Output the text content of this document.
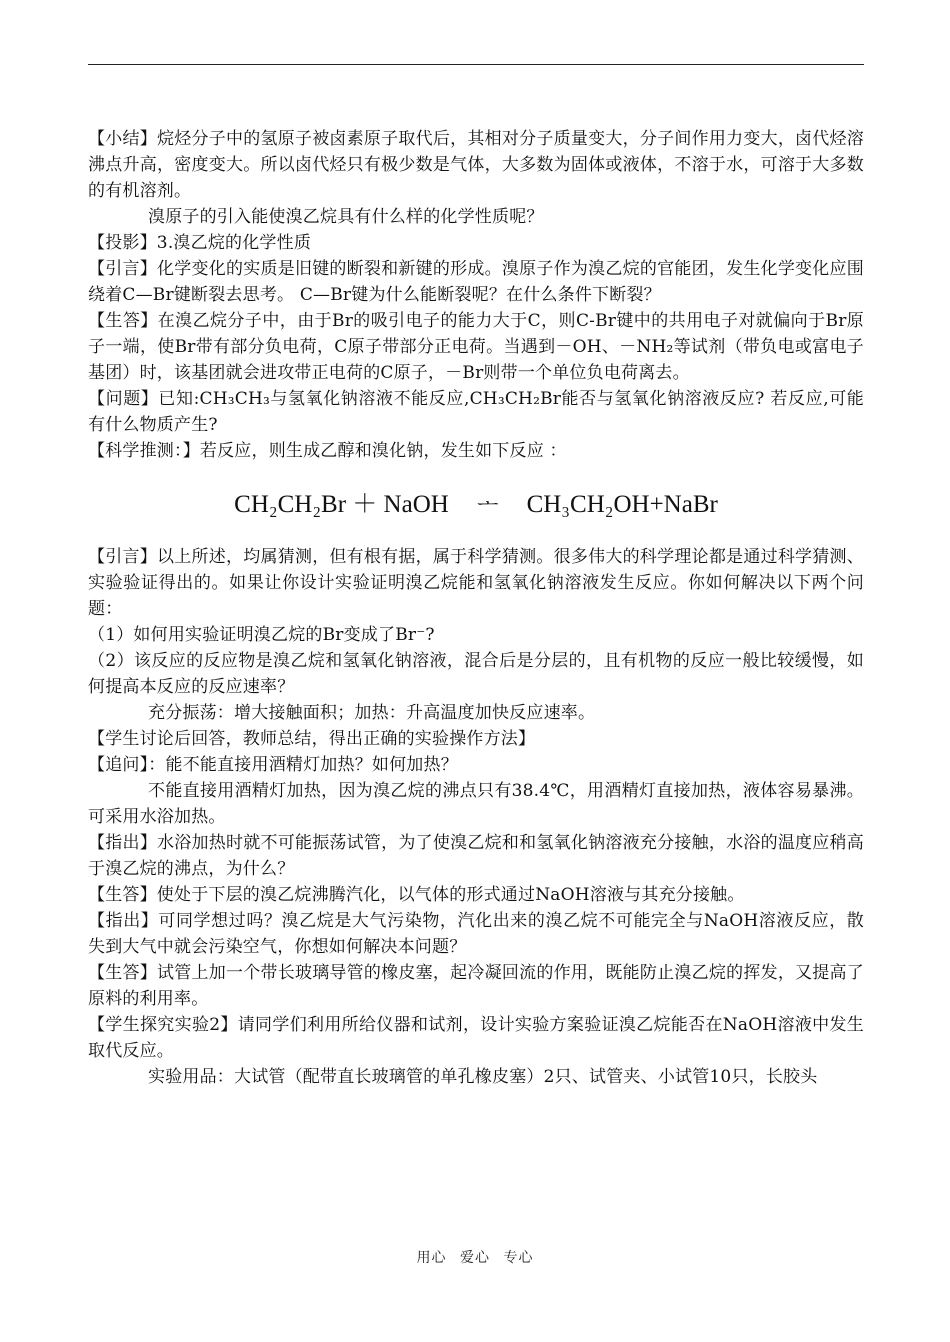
【小结】烷烃分子中的氢原子被卤素原子取代后，其相对分子质量变大，分子间作用力变大，卤代烃溶沸点升高，密度变大。所以卤代烃只有极少数是气体，大多数为固体或液体，不溶于水，可溶于大多数的有机溶剂。

溴原子的引入能使溴乙烷具有什么样的化学性质呢？

【投影】3.溴乙烷的化学性质

【引言】化学变化的实质是旧键的断裂和新键的形成。溴原子作为溴乙烷的官能团，发生化学变化应围绕着C—Br键断裂去思考。 C—Br键为什么能断裂呢？在什么条件下断裂？

【生答】在溴乙烷分子中，由于Br的吸引电子的能力大于C，则C-Br键中的共用电子对就偏向于Br原子一端，使Br带有部分负电荷，C原子带部分正电荷。当遇到－OH、－NH₂等试剂（带负电或富电子基团）时，该基团就会进攻带正电荷的C原子，－Br则带一个单位负电荷离去。

【问题】已知:CH₃CH₃与氢氧化钠溶液不能反应,CH₃CH₂Br能否与氢氧化钠溶液反应? 若反应,可能有什么物质产生?

【科学推测：】若反应，则生成乙醇和溴化钠，发生如下反应 ：

CH₂CH₂Br ＋ NaOH ᅩ CH₃CH₂OH+NaBr

【引言】以上所述，均属猜测，但有根有据，属于科学猜测。很多伟大的科学理论都是通过科学猜测、实验验证得出的。如果让你设计实验证明溴乙烷能和氢氧化钠溶液发生反应。你如何解决以下两个问题：

（1）如何用实验证明溴乙烷的Br变成了Br⁻?

（2）该反应的反应物是溴乙烷和氢氧化钠溶液，混合后是分层的，且有机物的反应一般比较缓慢，如何提高本反应的反应速率？

充分振荡：增大接触面积；加热：升高温度加快反应速率。

【学生讨论后回答，教师总结，得出正确的实验操作方法】

【追问】：能不能直接用酒精灯加热？如何加热？

不能直接用酒精灯加热，因为溴乙烷的沸点只有38.4℃，用酒精灯直接加热，液体容易暴沸。可采用水浴加热。

【指出】水浴加热时就不可能振荡试管，为了使溴乙烷和和氢氧化钠溶液充分接触，水浴的温度应稍高于溴乙烷的沸点，为什么？

【生答】使处于下层的溴乙烷沸腾汽化，以气体的形式通过NaOH溶液与其充分接触。

【指出】可同学想过吗？溴乙烷是大气污染物，汽化出来的溴乙烷不可能完全与NaOH溶液反应，散失到大气中就会污染空气，你想如何解决本问题？

【生答】试管上加一个带长玻璃导管的橡皮塞，起冷凝回流的作用，既能防止溴乙烷的挥发，又提高了原料的利用率。

【学生探究实验2】请同学们利用所给仪器和试剂，设计实验方案验证溴乙烷能否在NaOH溶液中发生取代反应。

实验用品：大试管（配带直长玻璃管的单孔橡皮塞）2只、试管夹、小试管10只，长胶头

用心 爱心 专心
